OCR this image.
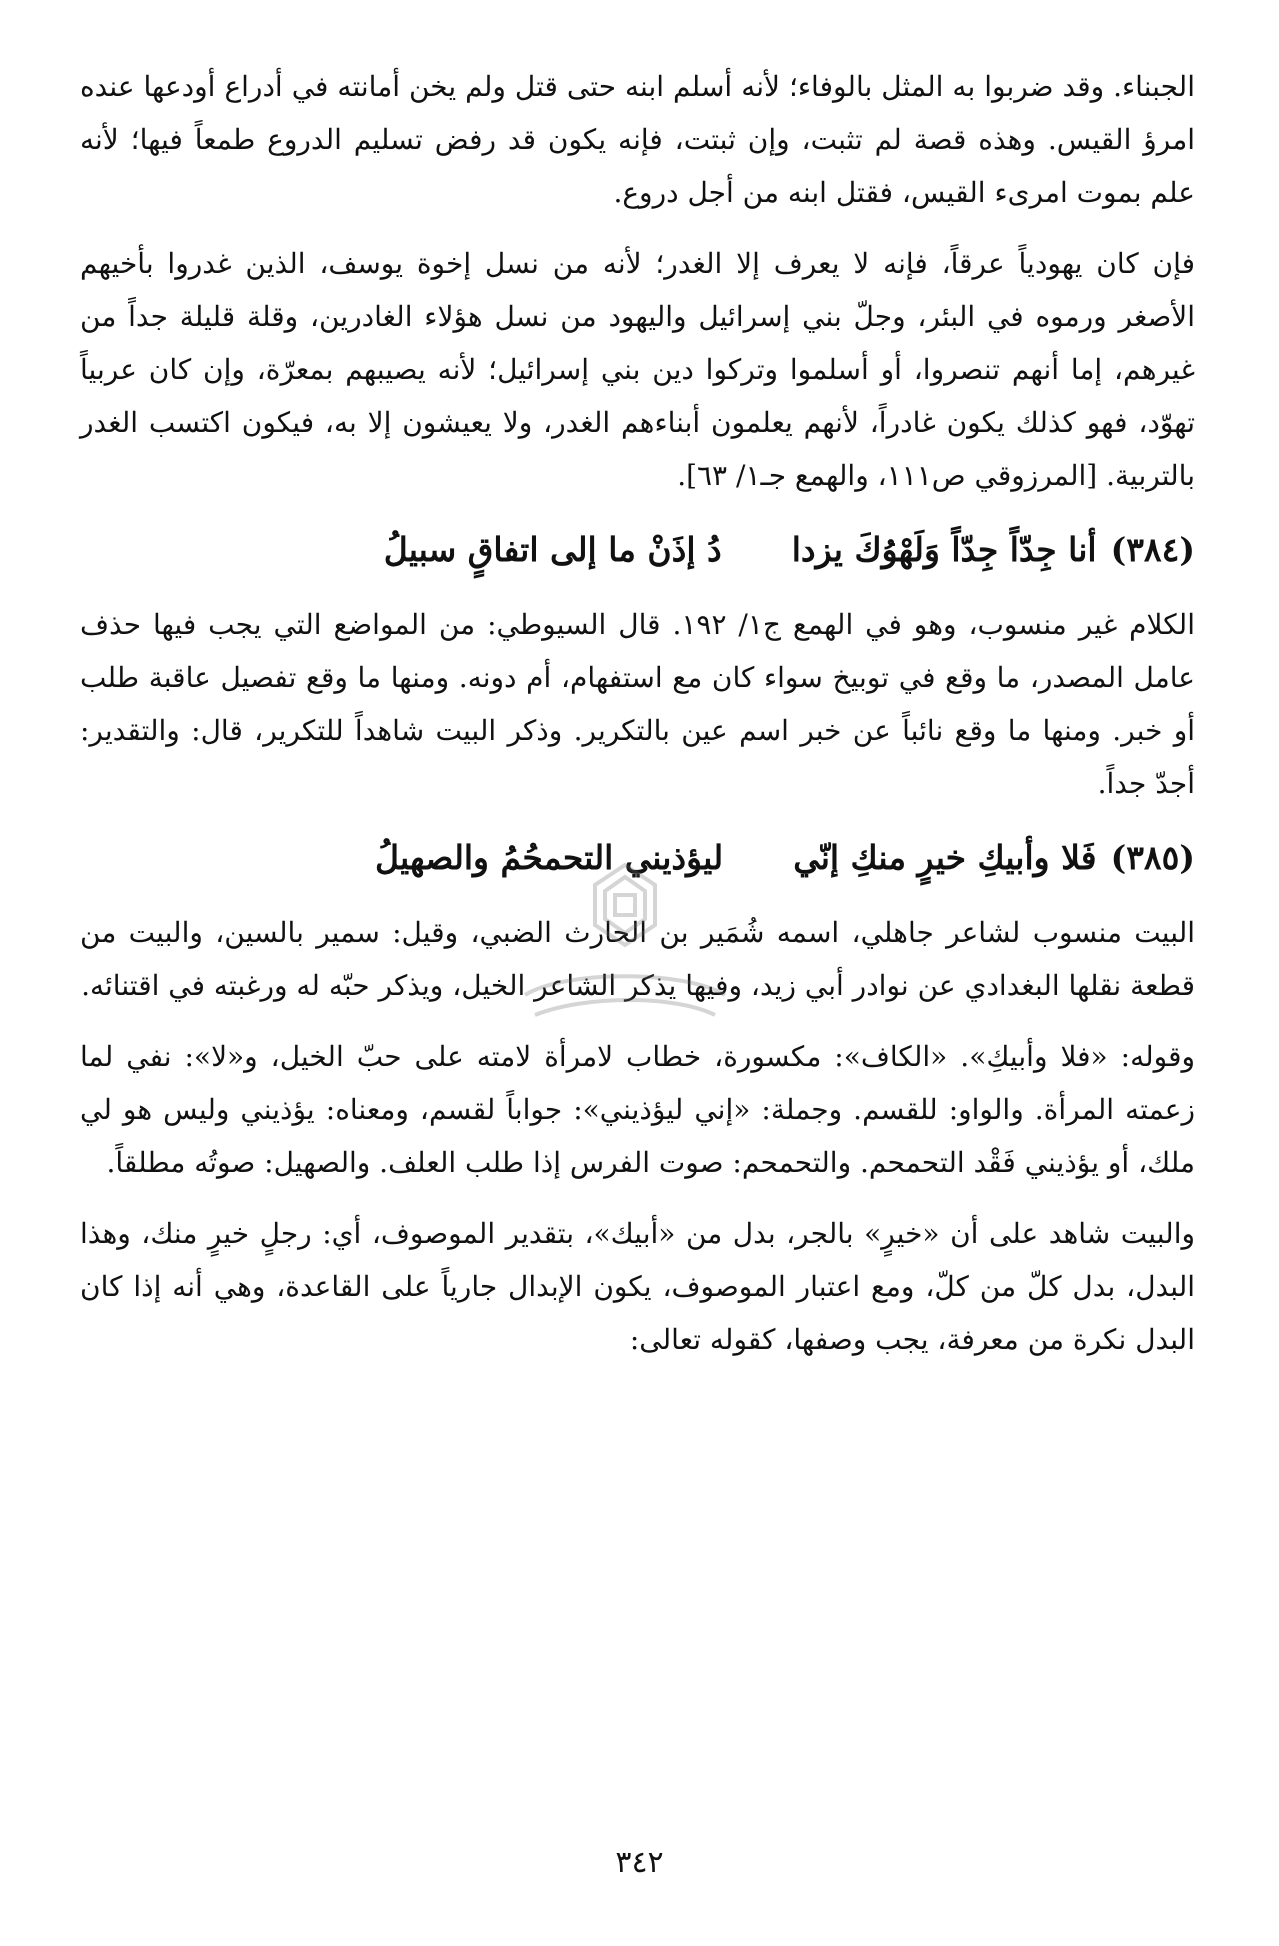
الجبناء. وقد ضربوا به المثل بالوفاء؛ لأنه أسلم ابنه حتى قتل ولم يخن أمانته في أدراع أودعها عنده امرؤ القيس. وهذه قصة لم تثبت، وإن ثبتت، فإنه يكون قد رفض تسليم الدروع طمعاً فيها؛ لأنه علم بموت امرىء القيس، فقتل ابنه من أجل دروع.

فإن كان يهودياً عرقاً، فإنه لا يعرف إلا الغدر؛ لأنه من نسل إخوة يوسف، الذين غدروا بأخيهم الأصغر ورموه في البئر، وجلّ بني إسرائيل واليهود من نسل هؤلاء الغادرين، وقلة قليلة جداً من غيرهم، إما أنهم تنصروا، أو أسلموا وتركوا دين بني إسرائيل؛ لأنه يصيبهم بمعرّة، وإن كان عربياً تهوّد، فهو كذلك يكون غادراً، لأنهم يعلمون أبناءهم الغدر، ولا يعيشون إلا به، فيكون اكتسب الغدر بالتربية. [المرزوقي ص١١١، والهمع جـ١/ ٦٣].

(٣٨٤)
أنا جِدّاً جِدّاً وَلَهْوُكَ يزدا
دُ إذَنْ ما إلى اتفاقٍ سبيلُ

الكلام غير منسوب، وهو في الهمع ج١/ ١٩٢. قال السيوطي: من المواضع التي يجب فيها حذف عامل المصدر، ما وقع في توبيخ سواء كان مع استفهام، أم دونه. ومنها ما وقع تفصيل عاقبة طلب أو خبر. ومنها ما وقع نائباً عن خبر اسم عين بالتكرير. وذكر البيت شاهداً للتكرير، قال: والتقدير: أجدّ جداً.

(٣٨٥)
فَلا وأبيكِ خيرٍ منكِ إنّي
ليؤذيني التحمحُمُ والصهيلُ

البيت منسوب لشاعر جاهلي، اسمه شُمَير بن الحارث الضبي، وقيل: سمير بالسين، والبيت من قطعة نقلها البغدادي عن نوادر أبي زيد، وفيها يذكر الشاعر الخيل، ويذكر حبّه له ورغبته في اقتنائه.

وقوله: «فلا وأبيكِ». «الكاف»: مكسورة، خطاب لامرأة لامته على حبّ الخيل، و«لا»: نفي لما زعمته المرأة. والواو: للقسم. وجملة: «إني ليؤذيني»: جواباً لقسم، ومعناه: يؤذيني وليس هو لي ملك، أو يؤذيني فَقْد التحمحم. والتحمحم: صوت الفرس إذا طلب العلف. والصهيل: صوتُه مطلقاً.

والبيت شاهد على أن «خيرٍ» بالجر، بدل من «أبيك»، بتقدير الموصوف، أي: رجلٍ خيرٍ منك، وهذا البدل، بدل كلّ من كلّ، ومع اعتبار الموصوف، يكون الإبدال جارياً على القاعدة، وهي أنه إذا كان البدل نكرة من معرفة، يجب وصفها، كقوله تعالى:

٣٤٢
